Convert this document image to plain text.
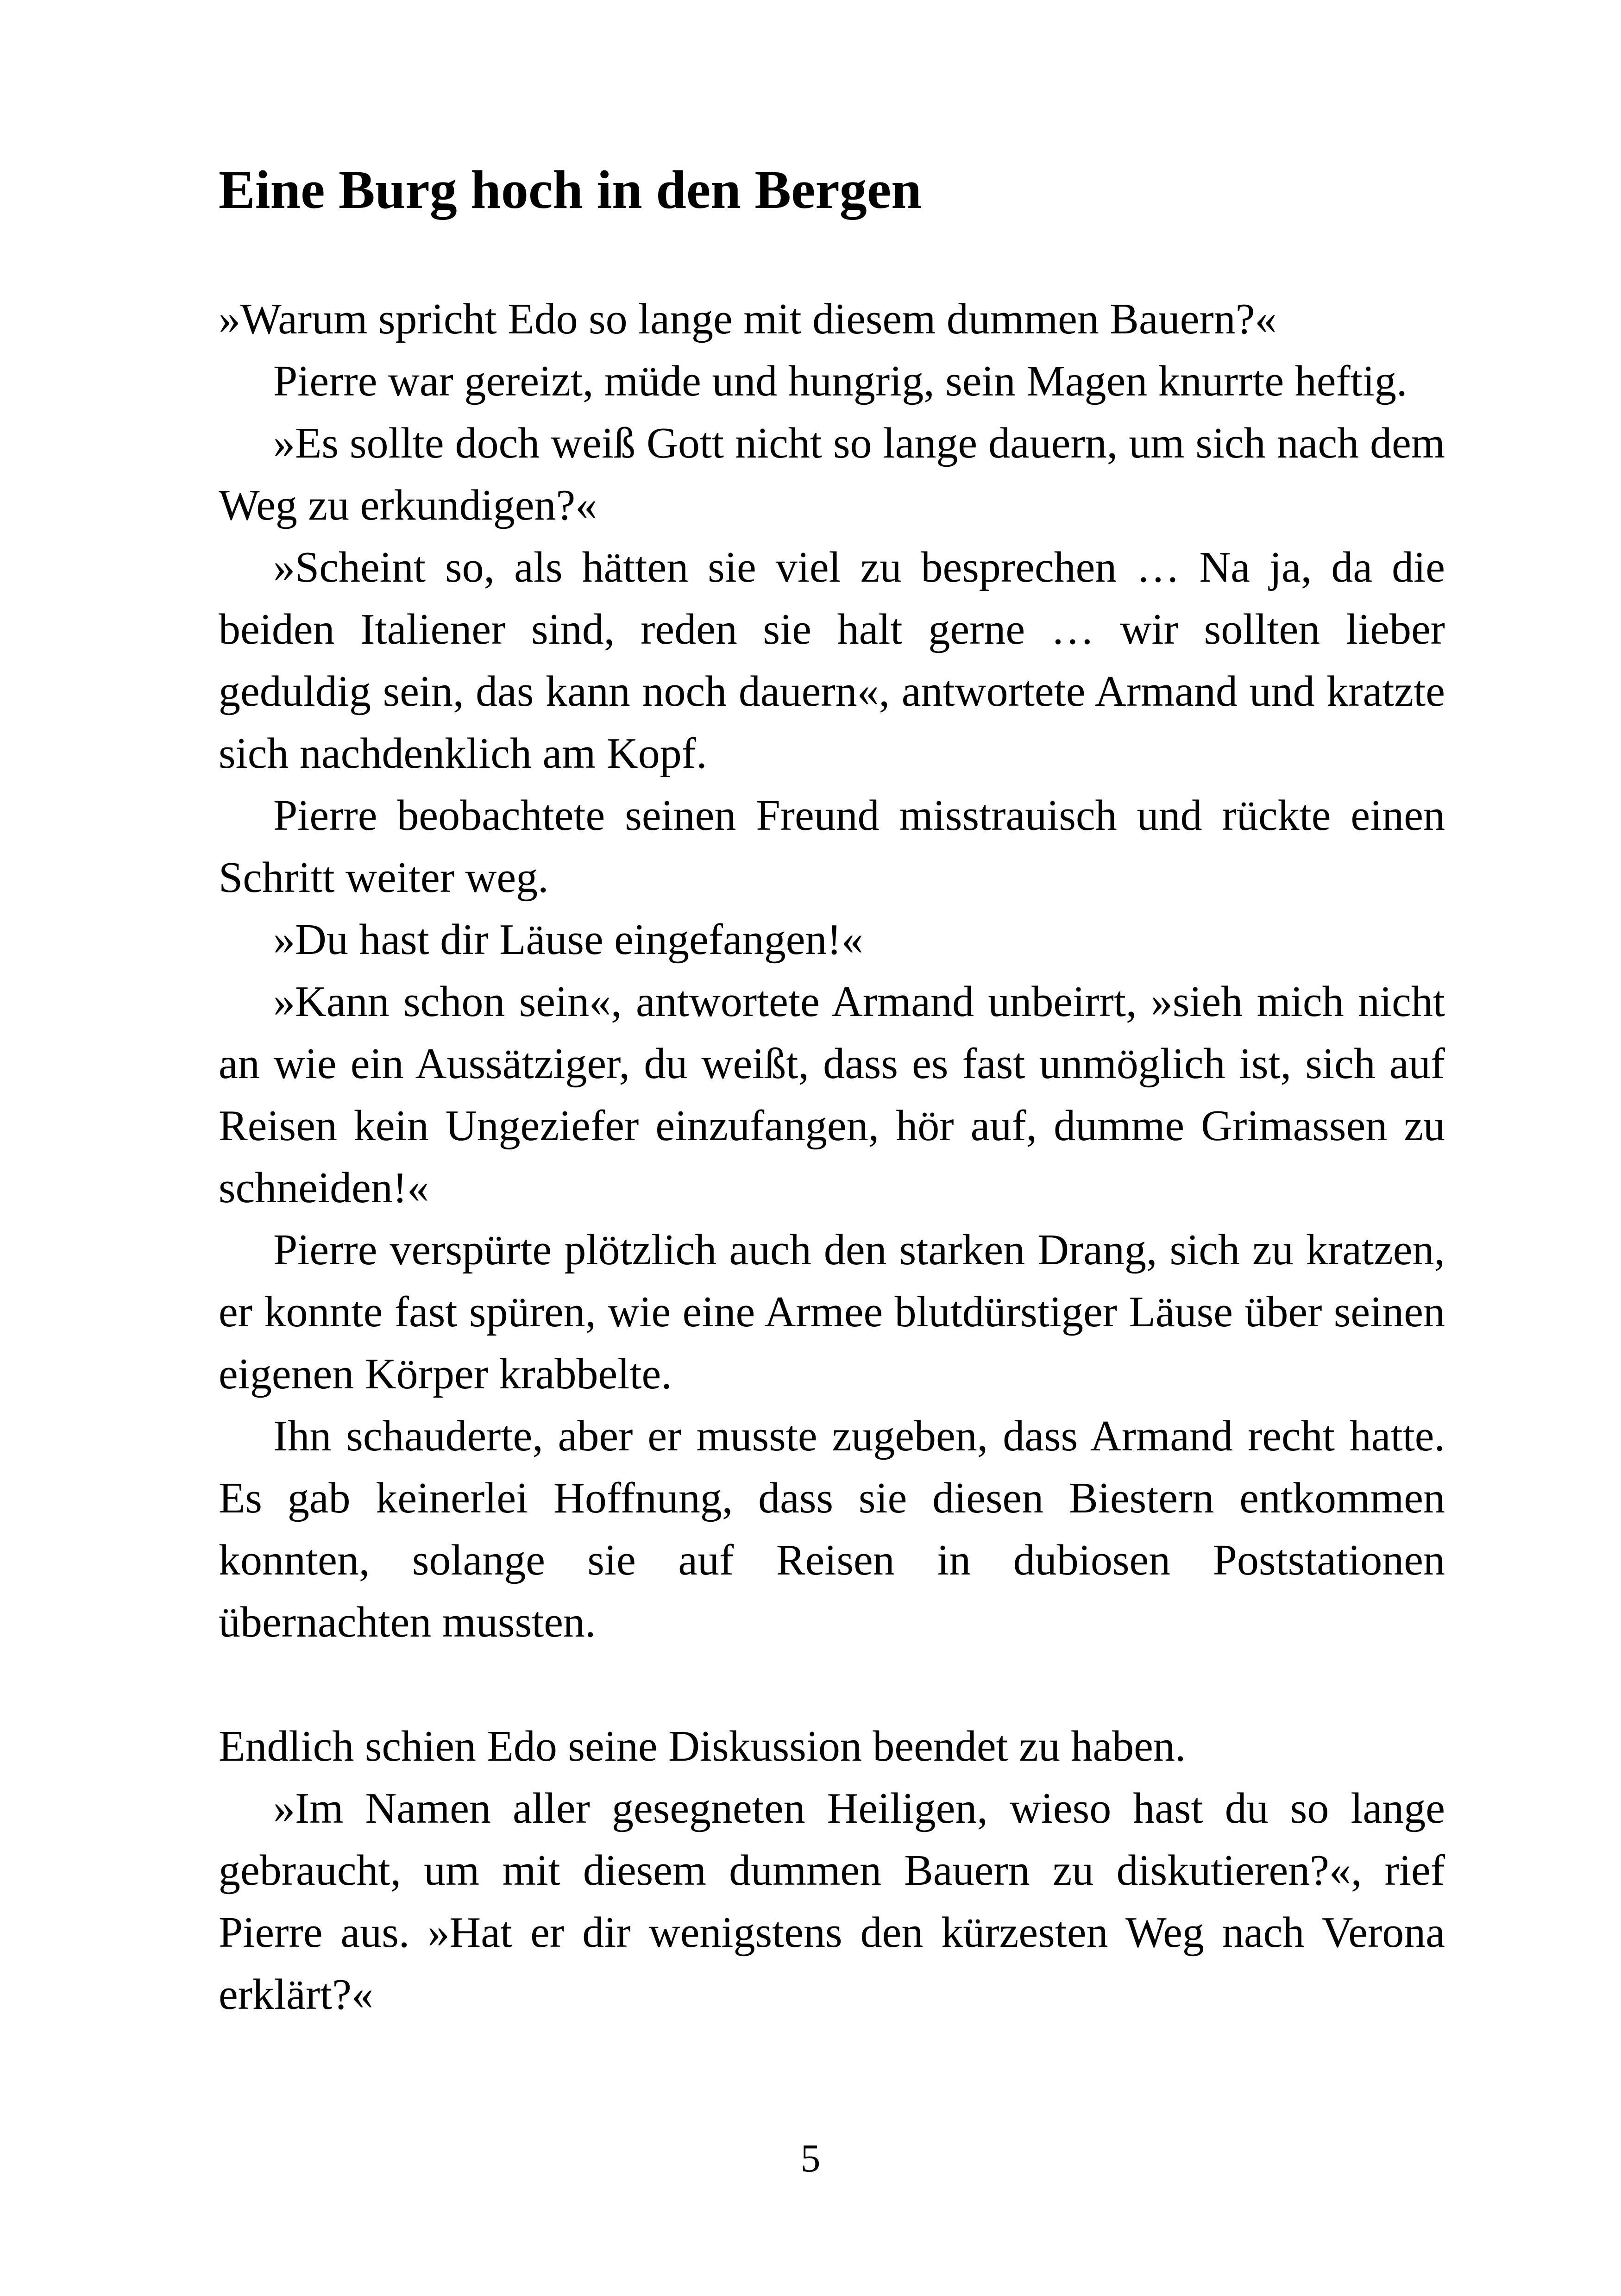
Eine Burg hoch in den Bergen

»Warum spricht Edo so lange mit diesem dummen Bauern?«

Pierre war gereizt, müde und hungrig, sein Magen knurrte heftig.

»Es sollte doch weiß Gott nicht so lange dauern, um sich nach dem Weg zu erkundigen?«

»Scheint so, als hätten sie viel zu besprechen … Na ja, da die beiden Italiener sind, reden sie halt gerne … wir sollten lieber geduldig sein, das kann noch dauern«, antwortete Armand und kratzte sich nachdenklich am Kopf.

Pierre beobachtete seinen Freund misstrauisch und rückte einen Schritt weiter weg.

»Du hast dir Läuse eingefangen!«

»Kann schon sein«, antwortete Armand unbeirrt, »sieh mich nicht an wie ein Aussätziger, du weißt, dass es fast unmöglich ist, sich auf Reisen kein Ungeziefer einzufangen, hör auf, dumme Grimassen zu schneiden!«

Pierre verspürte plötzlich auch den starken Drang, sich zu kratzen, er konnte fast spüren, wie eine Armee blutdürstiger Läuse über seinen eigenen Körper krabbelte.

Ihn schauderte, aber er musste zugeben, dass Armand recht hatte. Es gab keinerlei Hoffnung, dass sie diesen Biestern entkommen konnten, solange sie auf Reisen in dubiosen Poststationen übernachten mussten.

Endlich schien Edo seine Diskussion beendet zu haben.

»Im Namen aller gesegneten Heiligen, wieso hast du so lange gebraucht, um mit diesem dummen Bauern zu diskutieren?«, rief Pierre aus. »Hat er dir wenigstens den kürzesten Weg nach Verona erklärt?«

5
